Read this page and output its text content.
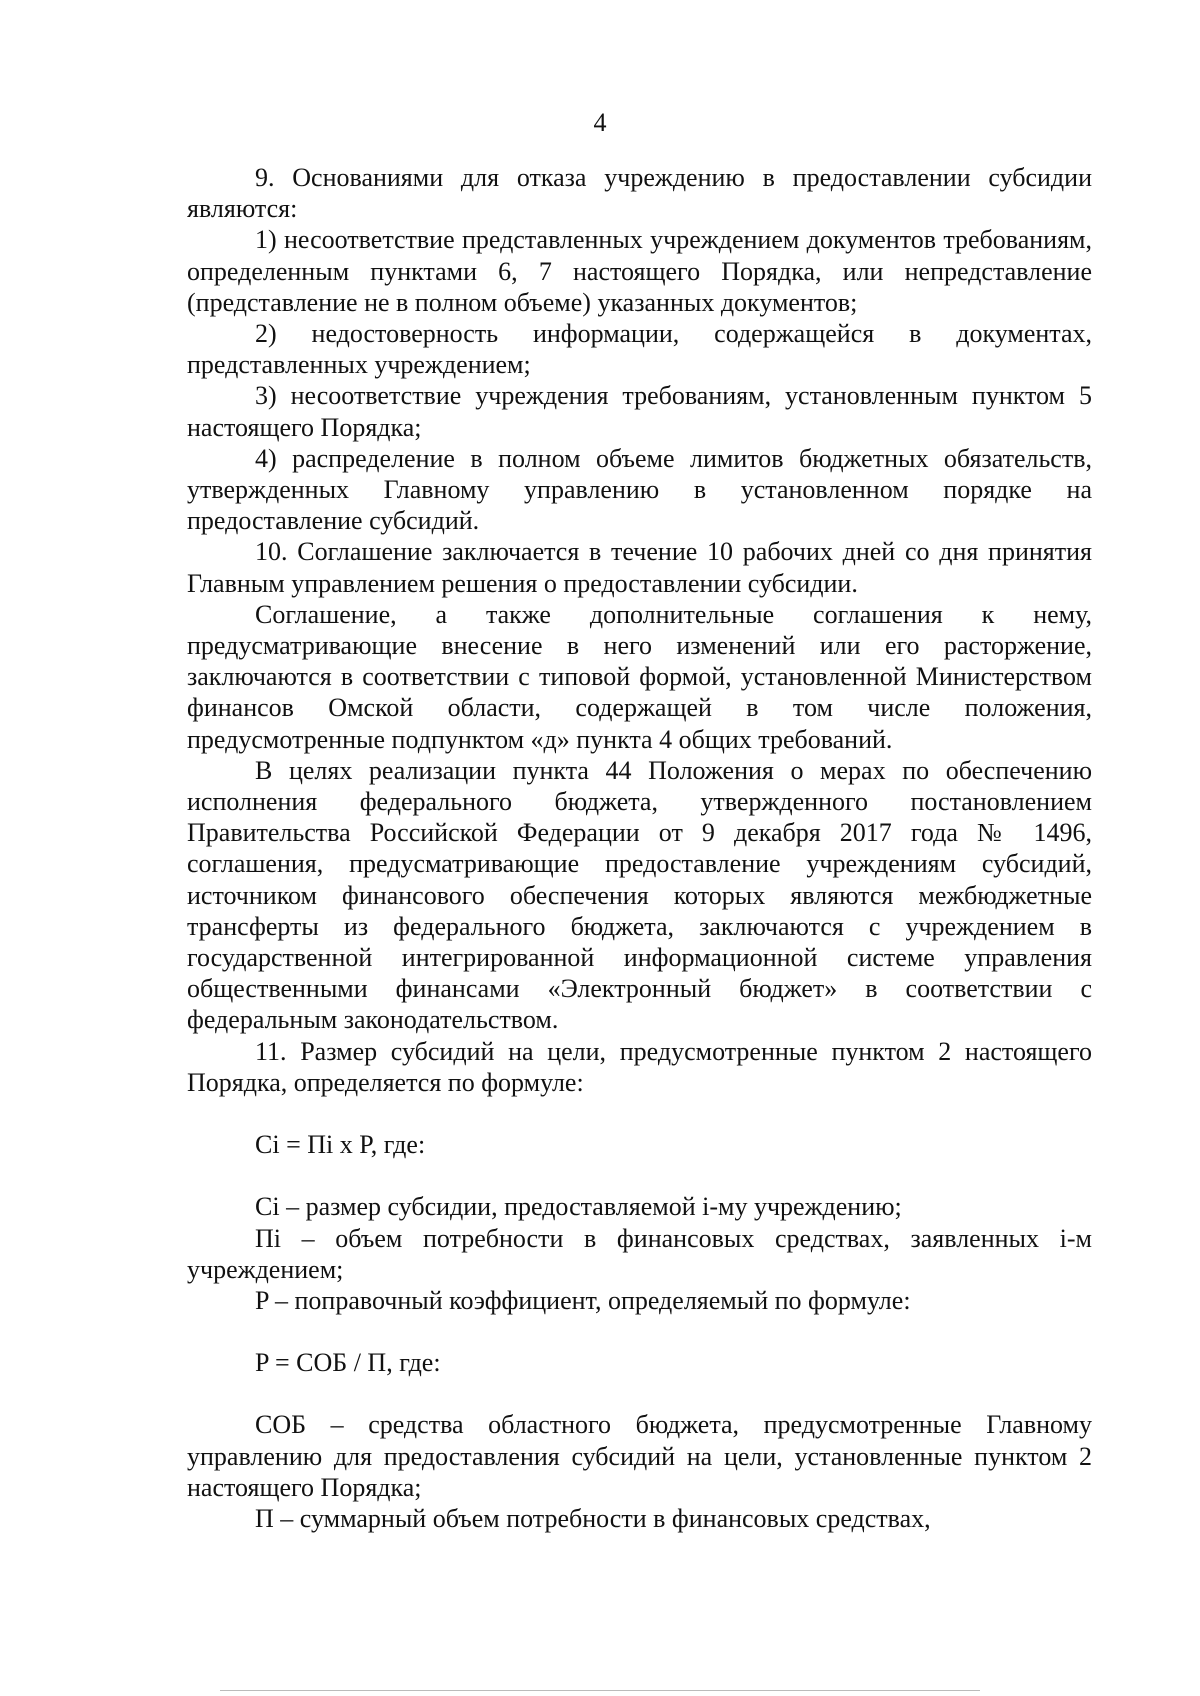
4

9. Основаниями для отказа учреждению в предоставлении субсидии являются:

1) несоответствие представленных учреждением документов требованиям, определенным пунктами 6, 7 настоящего Порядка, или непредставление (представление не в полном объеме) указанных документов;

2) недостоверность информации, содержащейся в документах, представленных учреждением;

3) несоответствие учреждения требованиям, установленным пунктом 5 настоящего Порядка;

4) распределение в полном объеме лимитов бюджетных обязательств, утвержденных Главному управлению в установленном порядке на предоставление субсидий.

10. Соглашение заключается в течение 10 рабочих дней со дня принятия Главным управлением решения о предоставлении субсидии.

Соглашение, а также дополнительные соглашения к нему, предусматривающие внесение в него изменений или его расторжение, заключаются в соответствии с типовой формой, установленной Министерством финансов Омской области, содержащей в том числе положения, предусмотренные подпунктом «д» пункта 4 общих требований.

В целях реализации пункта 44 Положения о мерах по обеспечению исполнения федерального бюджета, утвержденного постановлением Правительства Российской Федерации от 9 декабря 2017 года № 1496, соглашения, предусматривающие предоставление учреждениям субсидий, источником финансового обеспечения которых являются межбюджетные трансферты из федерального бюджета, заключаются с учреждением в государственной интегрированной информационной системе управления общественными финансами «Электронный бюджет» в соответствии с федеральным законодательством.

11. Размер субсидий на цели, предусмотренные пунктом 2 настоящего Порядка, определяется по формуле:

Ci = Пi x P, где:

Ci – размер субсидии, предоставляемой i-му учреждению;

Пi – объем потребности в финансовых средствах, заявленных i-м учреждением;

P – поправочный коэффициент, определяемый по формуле:

P = СОБ / П, где:

СОБ – средства областного бюджета, предусмотренные Главному управлению для предоставления субсидий на цели, установленные пунктом 2 настоящего Порядка;

П – суммарный объем потребности в финансовых средствах,
